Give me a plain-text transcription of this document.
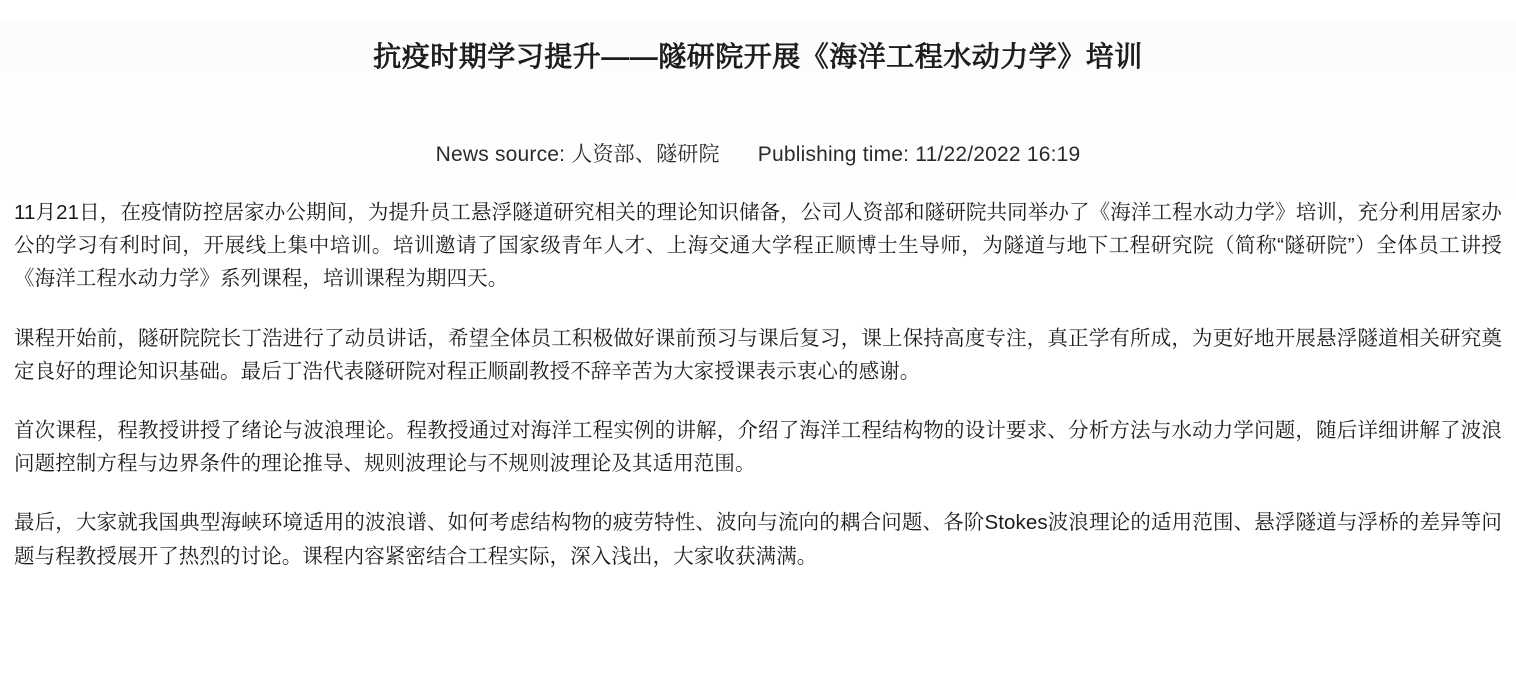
抗疫时期学习提升——隧研院开展《海洋工程水动力学》培训
News source: 人资部、隧研院 Publishing time: 11/22/2022 16:19

11月21日，在疫情防控居家办公期间，为提升员工悬浮隧道研究相关的理论知识储备，公司人资部和隧研院共同举办了《海洋工程水动力学》培训，充分利用居家办公的学习有利时间，开展线上集中培训。培训邀请了国家级青年人才、上海交通大学程正顺博士生导师，为隧道与地下工程研究院（简称“隧研院”）全体员工讲授《海洋工程水动力学》系列课程，培训课程为期四天。

课程开始前，隧研院院长丁浩进行了动员讲话，希望全体员工积极做好课前预习与课后复习，课上保持高度专注，真正学有所成，为更好地开展悬浮隧道相关研究奠定良好的理论知识基础。最后丁浩代表隧研院对程正顺副教授不辞辛苦为大家授课表示衷心的感谢。

首次课程，程教授讲授了绪论与波浪理论。程教授通过对海洋工程实例的讲解，介绍了海洋工程结构物的设计要求、分析方法与水动力学问题，随后详细讲解了波浪问题控制方程与边界条件的理论推导、规则波理论与不规则波理论及其适用范围。

最后，大家就我国典型海峡环境适用的波浪谱、如何考虑结构物的疲劳特性、波向与流向的耦合问题、各阶Stokes波浪理论的适用范围、悬浮隧道与浮桥的差异等问题与程教授展开了热烈的讨论。课程内容紧密结合工程实际，深入浅出，大家收获满满。
